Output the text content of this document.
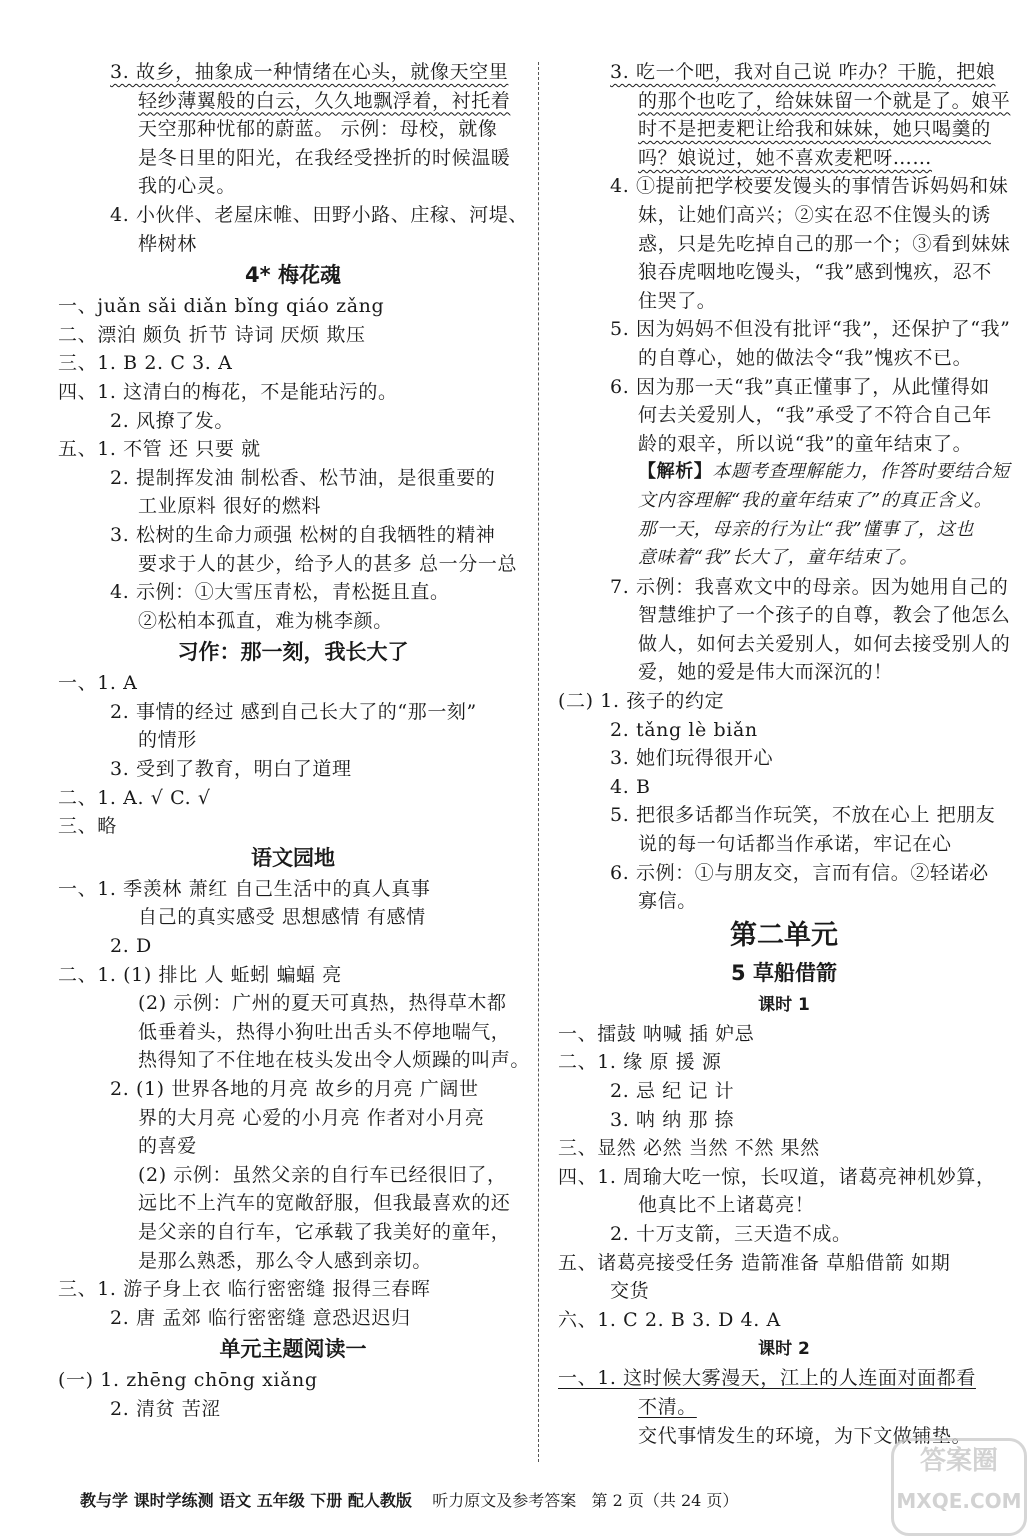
3. 故乡，抽象成一种情绪在心头，就像天空里
轻纱薄翼般的白云，久久地飘浮着，衬托着
天空那种忧郁的蔚蓝。 示例：母校，就像
是冬日里的阳光，在我经受挫折的时候温暖
我的心灵。
4. 小伙伴、老屋床帷、田野小路、庄稼、河堤、
桦树林
4* 梅花魂
一、juǎn sǎi diǎn bǐng qiáo zǎng
二、漂泊 颇负 折节 诗词 厌烦 欺压
三、1. B 2. C 3. A
四、1. 这清白的梅花，不是能玷污的。
2. 风撩了发。
五、1. 不管 还 只要 就
2. 提制挥发油 制松香、松节油，是很重要的
工业原料 很好的燃料
3. 松树的生命力顽强 松树的自我牺牲的精神
要求于人的甚少，给予人的甚多 总一分一总
4. 示例：①大雪压青松，青松挺且直。
②松柏本孤直，难为桃李颜。
习作：那一刻，我长大了
一、1. A
2. 事情的经过 感到自己长大了的“那一刻”
的情形
3. 受到了教育，明白了道理
二、1. A. √ C. √
三、略
语文园地
一、1. 季羡林 萧红 自己生活中的真人真事
自己的真实感受 思想感情 有感情
2. D
二、1. (1) 排比 人 蚯蚓 蝙蝠 亮
(2) 示例：广州的夏天可真热，热得草木都
低垂着头，热得小狗吐出舌头不停地喘气，
热得知了不住地在枝头发出令人烦躁的叫声。
2. (1) 世界各地的月亮 故乡的月亮 广阔世
界的大月亮 心爱的小月亮 作者对小月亮
的喜爱
(2) 示例：虽然父亲的自行车已经很旧了，
远比不上汽车的宽敞舒服，但我最喜欢的还
是父亲的自行车，它承载了我美好的童年，
是那么熟悉，那么令人感到亲切。
三、1. 游子身上衣 临行密密缝 报得三春晖
2. 唐 孟郊 临行密密缝 意恐迟迟归
单元主题阅读一
(一) 1. zhēng chōng xiǎng
2. 清贫 苦涩
3. 吃一个吧，我对自己说 咋办？干脆，把娘
的那个也吃了，给妹妹留一个就是了。娘平
时不是把麦粑让给我和妹妹，她只喝羹的
吗？娘说过，她不喜欢麦粑呀……
4. ①提前把学校要发馒头的事情告诉妈妈和妹
妹，让她们高兴；②实在忍不住馒头的诱
惑，只是先吃掉自己的那一个；③看到妹妹
狼吞虎咽地吃馒头，“我”感到愧疚，忍不
住哭了。
5. 因为妈妈不但没有批评“我”，还保护了“我”
的自尊心，她的做法令“我”愧疚不已。
6. 因为那一天“我”真正懂事了，从此懂得如
何去关爱别人，“我”承受了不符合自己年
龄的艰辛，所以说“我”的童年结束了。
【解析】本题考查理解能力，作答时要结合短
文内容理解“我的童年结束了”的真正含义。
那一天，母亲的行为让“我”懂事了，这也
意味着“我”长大了，童年结束了。
7. 示例：我喜欢文中的母亲。因为她用自己的
智慧维护了一个孩子的自尊，教会了他怎么
做人，如何去关爱别人，如何去接受别人的
爱，她的爱是伟大而深沉的！
(二) 1. 孩子的约定
2. tǎng lè biǎn
3. 她们玩得很开心
4. B
5. 把很多话都当作玩笑，不放在心上 把朋友
说的每一句话都当作承诺，牢记在心
6. 示例：①与朋友交，言而有信。②轻诺必
寡信。
第二单元
5 草船借箭
课时 1
一、擂鼓 呐喊 插 妒忌
二、1. 缘 原 援 源
2. 忌 纪 记 计
3. 呐 纳 那 捺
三、显然 必然 当然 不然 果然
四、1. 周瑜大吃一惊，长叹道，诸葛亮神机妙算，
他真比不上诸葛亮！
2. 十万支箭，三天造不成。
五、诸葛亮接受任务 造箭准备 草船借箭 如期
交货
六、1. C 2. B 3. D 4. A
课时 2
一、1. 这时候大雾漫天，江上的人连面对面都看
不清。
交代事情发生的环境，为下文做铺垫。
教与学 课时学练测 语文 五年级 下册 配人教版 听力原文及参考答案 第 2 页（共 24 页）
答案圈
MXQE.COM
